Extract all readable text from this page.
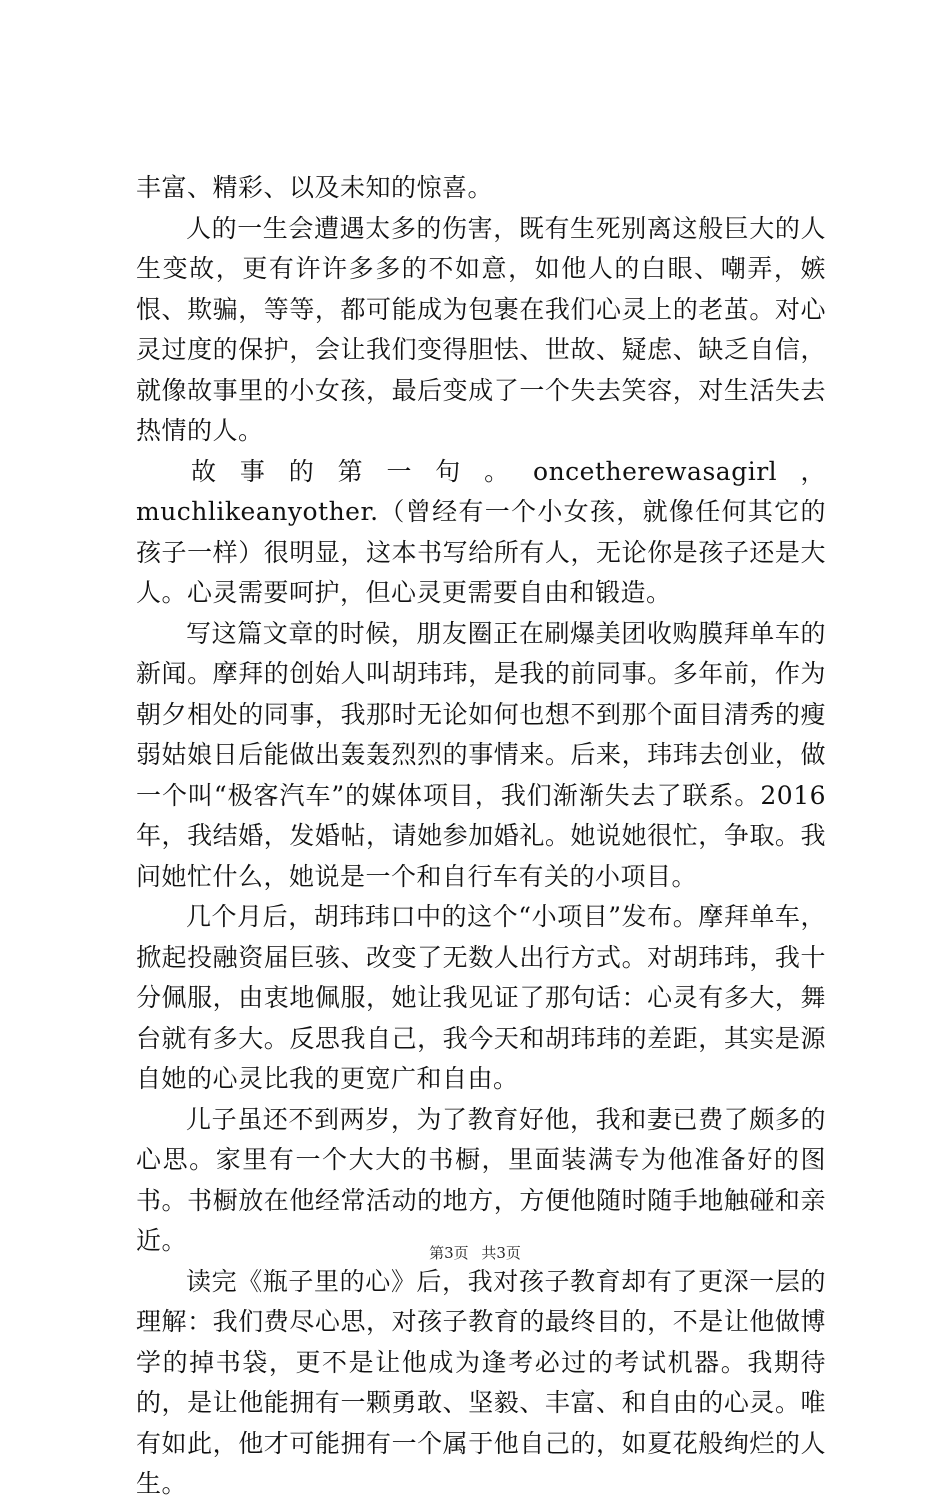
丰富、精彩、以及未知的惊喜。

人的一生会遭遇太多的伤害，既有生死别离这般巨大的人生变故，更有许许多多的不如意，如他人的白眼、嘲弄，嫉恨、欺骗，等等，都可能成为包裹在我们心灵上的老茧。对心灵过度的保护，会让我们变得胆怯、世故、疑虑、缺乏自信，就像故事里的小女孩，最后变成了一个失去笑容，对生活失去热情的人。

故事的第一句。oncetherewasagirl，muchlikeanyother.（曾经有一个小女孩，就像任何其它的孩子一样）很明显，这本书写给所有人，无论你是孩子还是大人。心灵需要呵护，但心灵更需要自由和锻造。

写这篇文章的时候，朋友圈正在刷爆美团收购膜拜单车的新闻。摩拜的创始人叫胡玮玮，是我的前同事。多年前，作为朝夕相处的同事，我那时无论如何也想不到那个面目清秀的瘦弱姑娘日后能做出轰轰烈烈的事情来。后来，玮玮去创业，做一个叫“极客汽车”的媒体项目，我们渐渐失去了联系。2016年，我结婚，发婚帖，请她参加婚礼。她说她很忙，争取。我问她忙什么，她说是一个和自行车有关的小项目。

几个月后，胡玮玮口中的这个“小项目”发布。摩拜单车，掀起投融资届巨骇、改变了无数人出行方式。对胡玮玮，我十分佩服，由衷地佩服，她让我见证了那句话：心灵有多大，舞台就有多大。反思我自己，我今天和胡玮玮的差距，其实是源自她的心灵比我的更宽广和自由。

儿子虽还不到两岁，为了教育好他，我和妻已费了颇多的心思。家里有一个大大的书橱，里面装满专为他准备好的图书。书橱放在他经常活动的地方，方便他随时随手地触碰和亲近。

读完《瓶子里的心》后，我对孩子教育却有了更深一层的理解：我们费尽心思，对孩子教育的最终目的，不是让他做博学的掉书袋，更不是让他成为逢考必过的考试机器。我期待的，是让他能拥有一颗勇敢、坚毅、丰富、和自由的心灵。唯有如此，他才可能拥有一个属于他自己的，如夏花般绚烂的人生。

第3页 共3页
